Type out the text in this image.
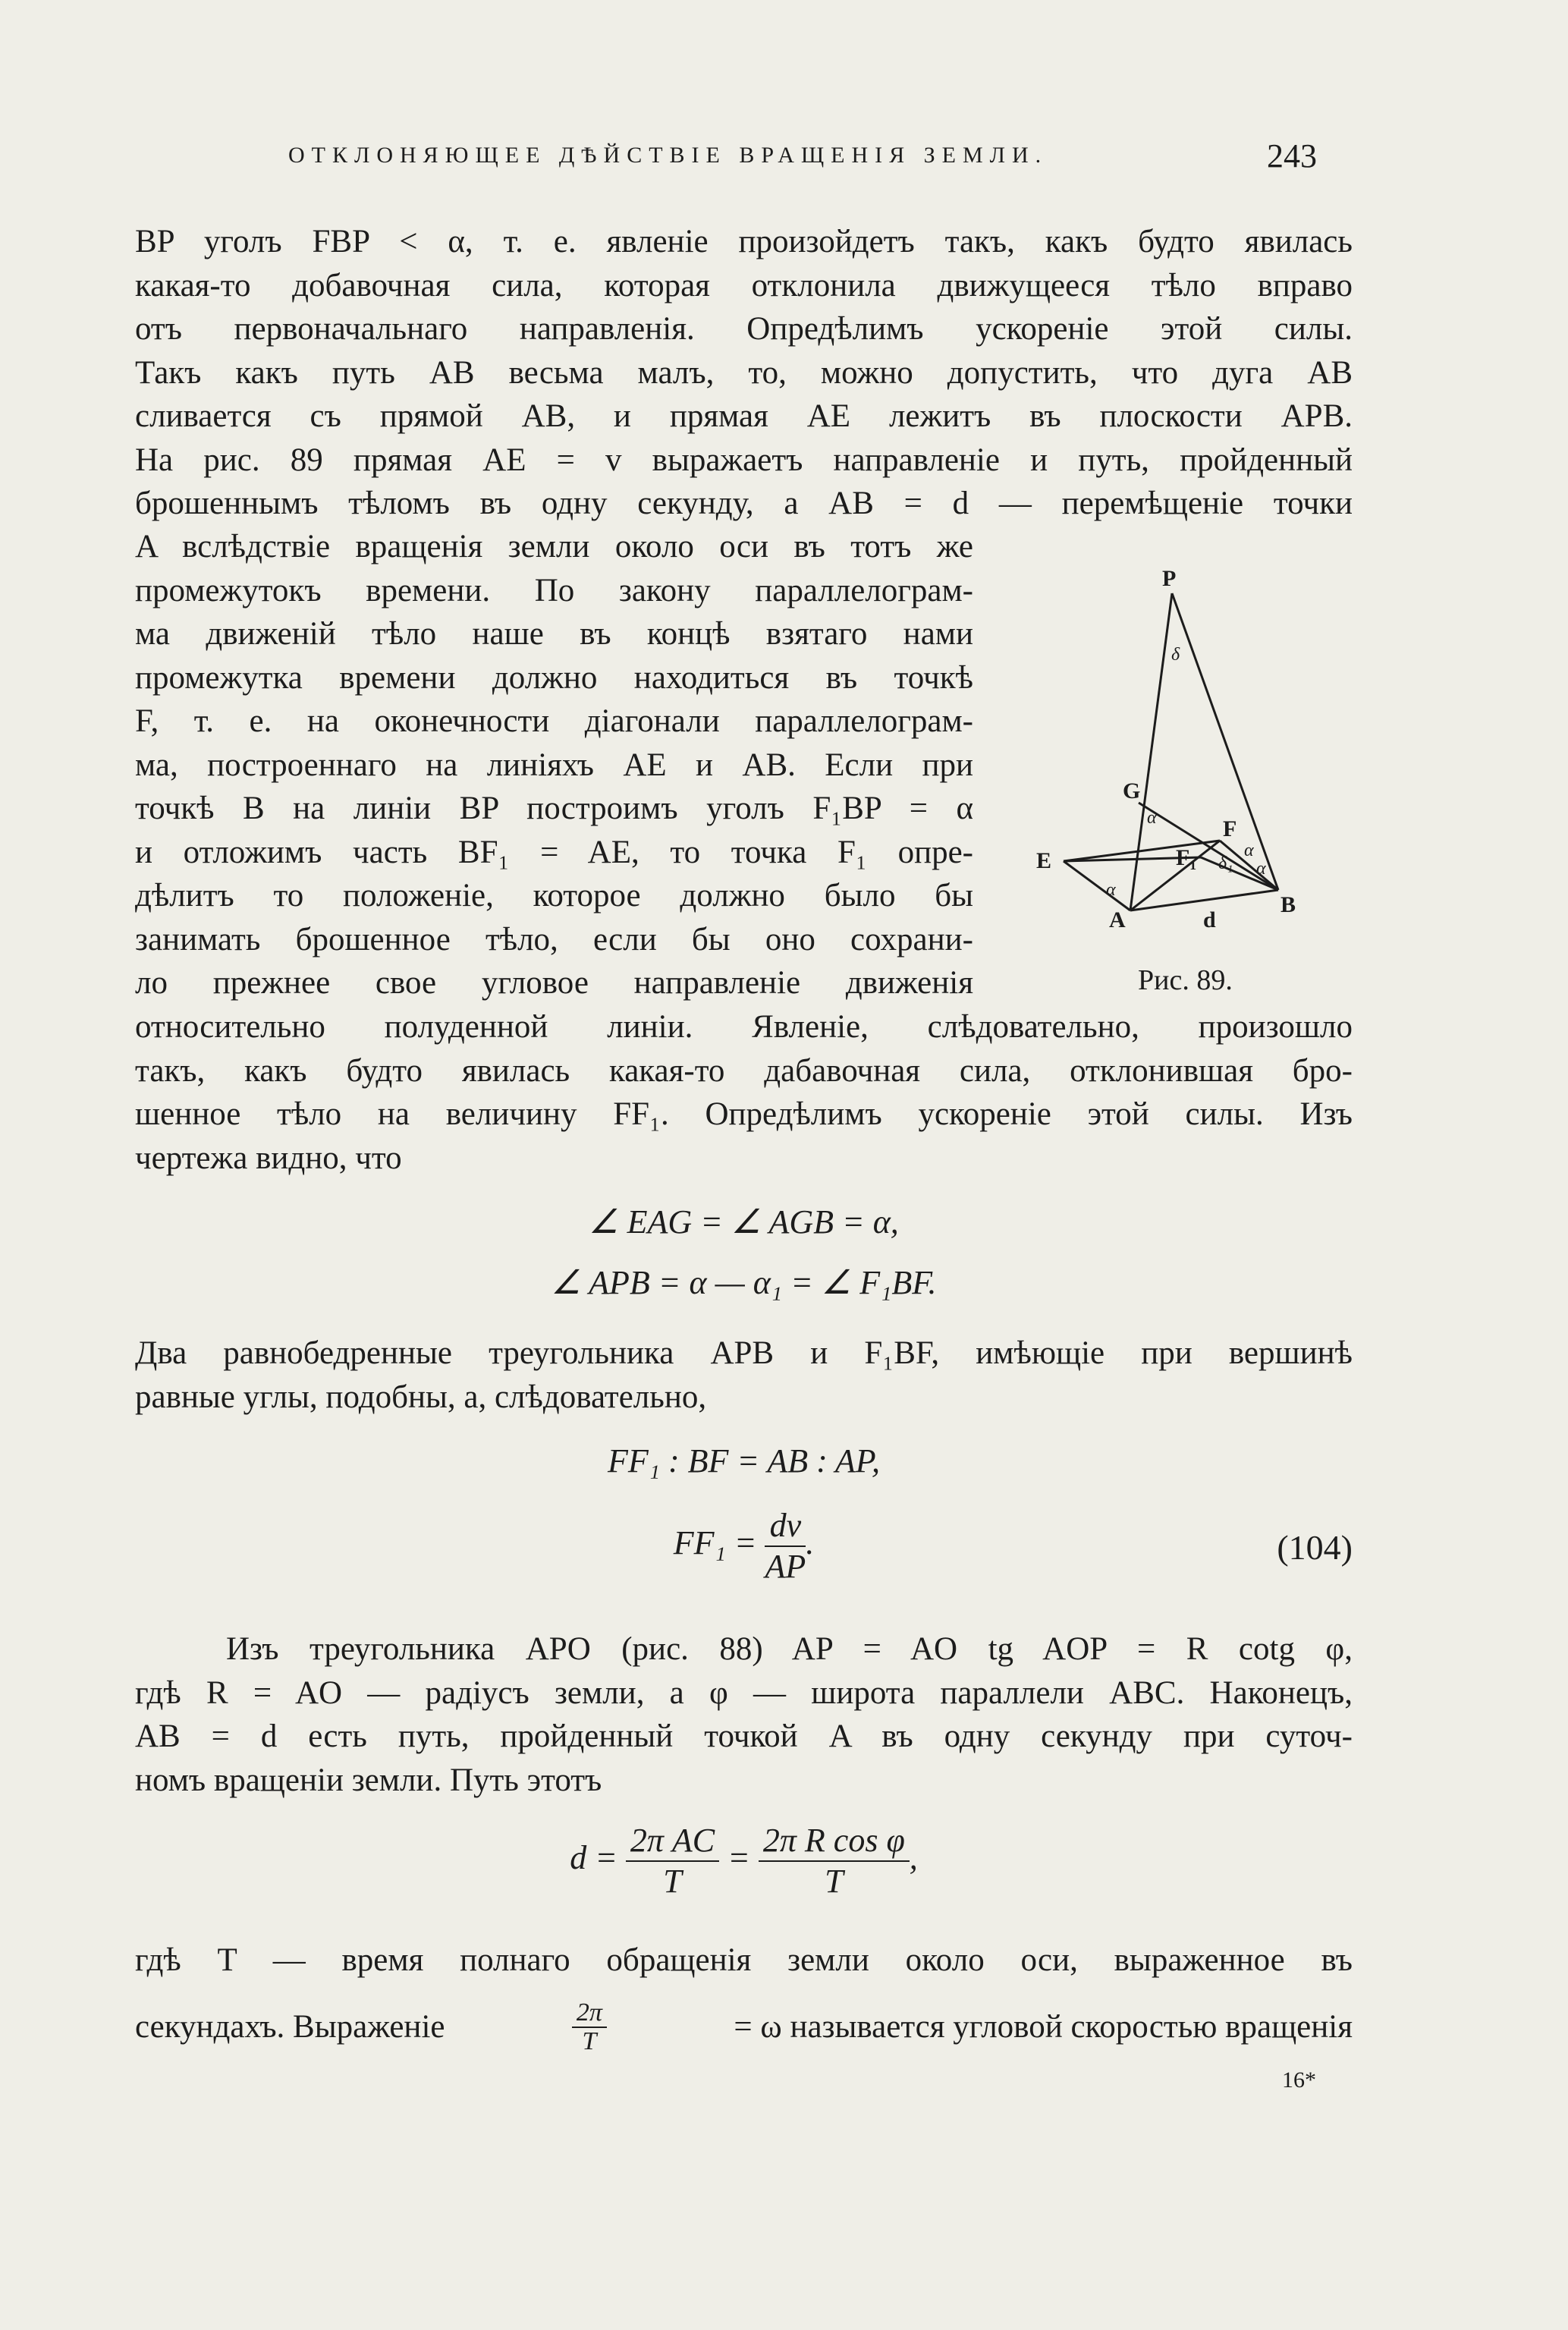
ОТКЛОНЯЮЩЕЕ ДѢЙСТВІЕ ВРАЩЕНІЯ ЗЕМЛИ.	243
BP уголъ FBP < α, т. е. явленіе произойдетъ такъ, какъ будто явилась
какая-то добавочная сила, которая отклонила движущееся тѣло вправо
отъ первоначальнаго направленія. Опредѣлимъ ускореніе этой силы.
Такъ какъ путь AB весьма малъ, то, можно допустить, что дуга AB
сливается съ прямой AB, и прямая AE лежитъ въ плоскости APB.
На рис. 89 прямая AE = v выражаетъ направленіе и путь, пройденный
брошеннымъ тѣломъ въ одну секунду, а AB = d — перемѣщеніе точки
A вслѣдствіе вращенія земли около оси въ тотъ же
промежутокъ времени. По закону параллелограм-
ма движеній тѣло наше въ концѣ взятаго нами
промежутка времени должно находиться въ точкѣ
F, т. е. на оконечности діагонали параллелограм-
ма, построеннаго на линіяхъ AE и AB. Если при
точкѣ B на линіи BP построимъ уголъ F₁BP = α
и отложимъ часть BF₁ = AE, то точка F₁ опре-
дѣлитъ то положеніе, которое должно было бы
занимать брошенное тѣло, если бы оно сохрани-
ло прежнее свое угловое направленіе движенія
P
G
E
F
F₁
A
B
d
δ
δ₁
α
α
α
α
Рис. 89.
относительно полуденной линіи. Явленіе, слѣдовательно, произошло
такъ, какъ будто явилась какая-то дабавочная сила, отклонившая бро-
шенное тѣло на величину FF₁. Опредѣлимъ ускореніе этой силы. Изъ
чертежа видно, что
∠ EAG = ∠ AGB = α,
∠ APB = α — α₁ = ∠ F₁BF.
Два равнобедренные треугольника APB и F₁BF, имѣющіе при вершинѣ
равные углы, подобны, а, слѣдовательно,
FF₁ : BF = AB : AP,
$FF_1 = \frac{dv}{AP}$ .	(104)
Изъ треугольника APO (рис. 88) AP = AO tg AOP = R cotg φ,
гдѣ R = AO — радіусъ земли, а φ — широта параллели ABC. Наконецъ,
AB = d есть путь, пройденный точкой A въ одну секунду при суточ-
номъ вращеніи земли. Путь этотъ
$d = \frac{\text{2π AC}}{T} = \frac{\text{2π R cos φ}}{T}$ ,
гдѣ T — время полнаго обращенія земли около оси, выраженное въ
секундахъ. Выраженіе	$\frac{2\pi}{T}$	= ω называется угловой скоростью вращенія
16*
